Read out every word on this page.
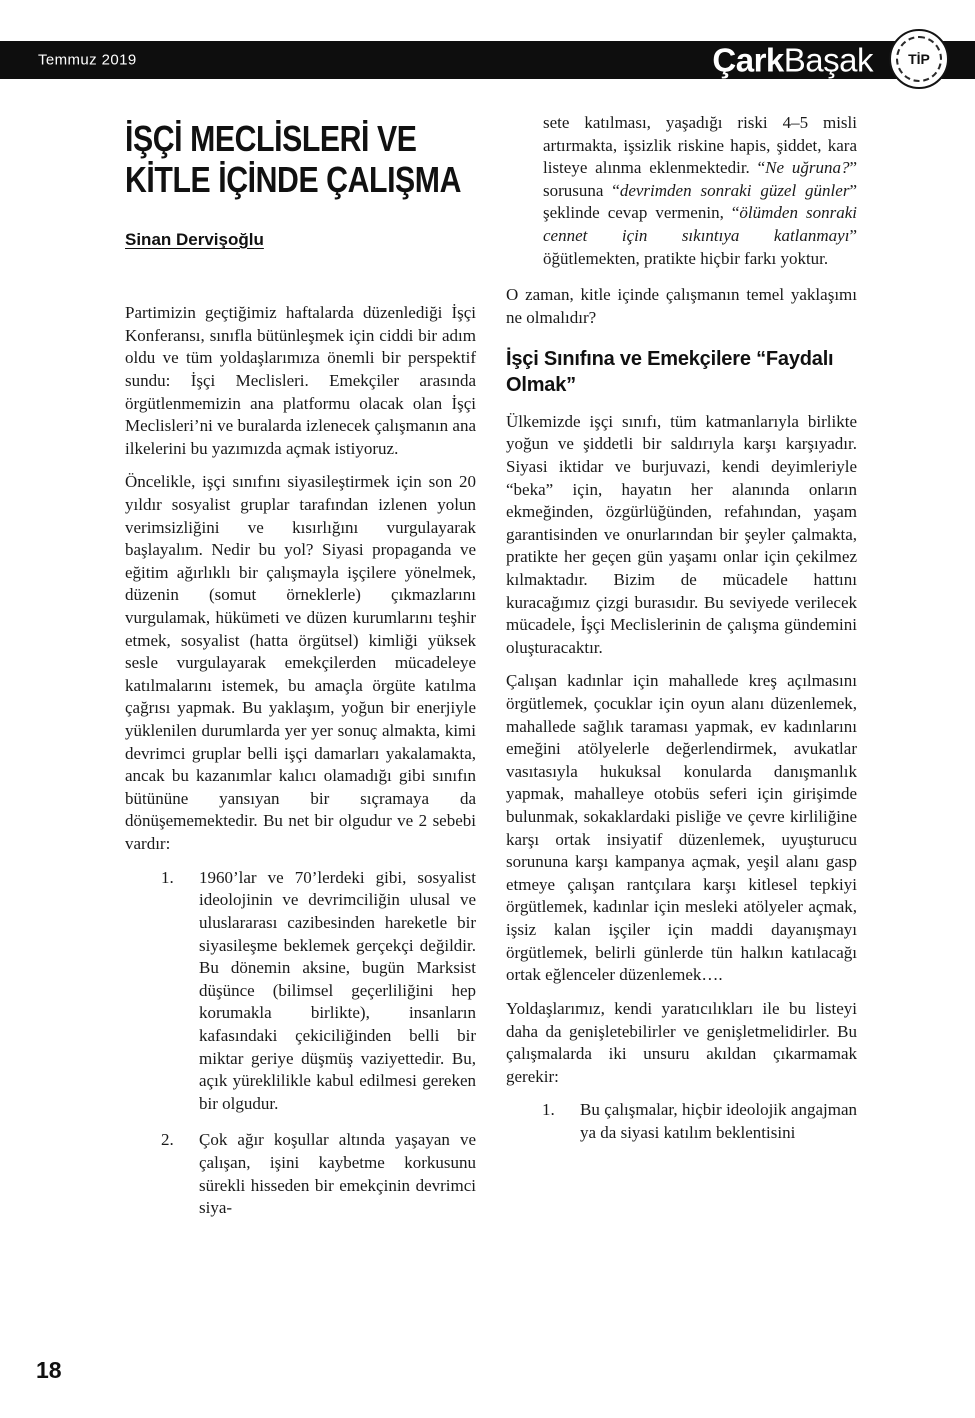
Temmuz 2019	ÇarkBaşak	TİP
İŞÇİ MECLİSLERİ VE
KİTLE İÇİNDE ÇALIŞMA
Sinan Dervişoğlu

Partimizin geçtiğimiz haftalarda düzenlediği İşçi Konferansı, sınıfla bütünleşmek için ciddi bir adım oldu ve tüm yoldaşlarımıza önemli bir perspektif sundu: İşçi Meclisleri. Emekçiler arasında örgütlenmemizin ana platformu olacak olan İşçi Meclisleri’ni ve buralarda izlenecek çalışmanın ana ilkelerini bu yazımızda açmak istiyoruz.

Öncelikle, işçi sınıfını siyasileştirmek için son 20 yıldır sosyalist gruplar tarafından izlenen yolun verimsizliğini ve kısırlığını vurgulayarak başlayalım. Nedir bu yol? Siyasi propaganda ve eğitim ağırlıklı bir çalışmayla işçilere yönelmek, düzenin (somut örneklerle) çıkmazlarını vurgulamak, hükümeti ve düzen kurumlarını teşhir etmek, sosyalist (hatta örgütsel) kimliği yüksek sesle vurgulayarak emekçilerden mücadeleye katılmalarını istemek, bu amaçla örgüte katılma çağrısı yapmak. Bu yaklaşım, yoğun bir enerjiyle yüklenilen durumlarda yer yer sonuç almakta, kimi devrimci gruplar belli işçi damarları yakalamakta, ancak bu kazanımlar kalıcı olamadığı gibi sınıfın bütününe yansıyan bir sıçramaya da dönüşememektedir. Bu net bir olgudur ve 2 sebebi vardır:

1.	1960’lar ve 70’lerdeki gibi, sosyalist ideolojinin ve devrimciliğin ulusal ve uluslararası cazibesinden hareketle bir siyasileşme beklemek gerçekçi değildir. Bu dönemin aksine, bugün Marksist düşünce (bilimsel geçerliliğini hep korumakla birlikte), insanların kafasındaki çekiciliğinden belli bir miktar geriye düşmüş vaziyettedir. Bu, açık yüreklilikle kabul edilmesi gereken bir olgudur.
2.	Çok ağır koşullar altında yaşayan ve çalışan, işini kaybetme korkusunu sürekli hisseden bir emekçinin devrimci siya-

sete katılması, yaşadığı riski 4–5 misli artırmakta, işsizlik riskine hapis, şiddet, kara listeye alınma eklenmektedir. “Ne uğruna?” sorusuna “devrimden sonraki güzel günler” şeklinde cevap vermenin, “ölümden sonraki cennet için sıkıntıya katlanmayı” öğütlemekten, pratikte hiçbir farkı yoktur.

O zaman, kitle içinde çalışmanın temel yaklaşımı ne olmalıdır?

İşçi Sınıfına ve Emekçilere “Faydalı Olmak”

Ülkemizde işçi sınıfı, tüm katmanlarıyla birlikte yoğun ve şiddetli bir saldırıyla karşı karşıyadır. Siyasi iktidar ve burjuvazi, kendi deyimleriyle “beka” için, hayatın her alanında onların ekmeğinden, özgürlüğünden, refahından, yaşam garantisinden ve onurlarından bir şeyler çalmakta, pratikte her geçen gün yaşamı onlar için çekilmez kılmaktadır. Bizim de mücadele hattını kuracağımız çizgi burasıdır. Bu seviyede verilecek mücadele, İşçi Meclislerinin de çalışma gündemini oluşturacaktır.

Çalışan kadınlar için mahallede kreş açılmasını örgütlemek, çocuklar için oyun alanı düzenlemek, mahallede sağlık taraması yapmak, ev kadınlarını emeğini atölyelerle değerlendirmek, avukatlar vasıtasıyla hukuksal konularda danışmanlık yapmak, mahalleye otobüs seferi için girişimde bulunmak, sokaklardaki pisliğe ve çevre kirliliğine karşı ortak insiyatif düzenlemek, uyuşturucu sorununa karşı kampanya açmak, yeşil alanı gasp etmeye çalışan rantçılara karşı kitlesel tepkiyi örgütlemek, kadınlar için mesleki atölyeler açmak, işsiz kalan işçiler için maddi dayanışmayı örgütlemek, belirli günlerde tün halkın katılacağı ortak eğlenceler düzenlemek….

Yoldaşlarımız, kendi yaratıcılıkları ile bu listeyi daha da genişletebilirler ve genişletmelidirler. Bu çalışmalarda iki unsuru akıldan çıkarmamak gerekir:

1.	Bu çalışmalar, hiçbir ideolojik angajman ya da siyasi katılım beklentisini
18
